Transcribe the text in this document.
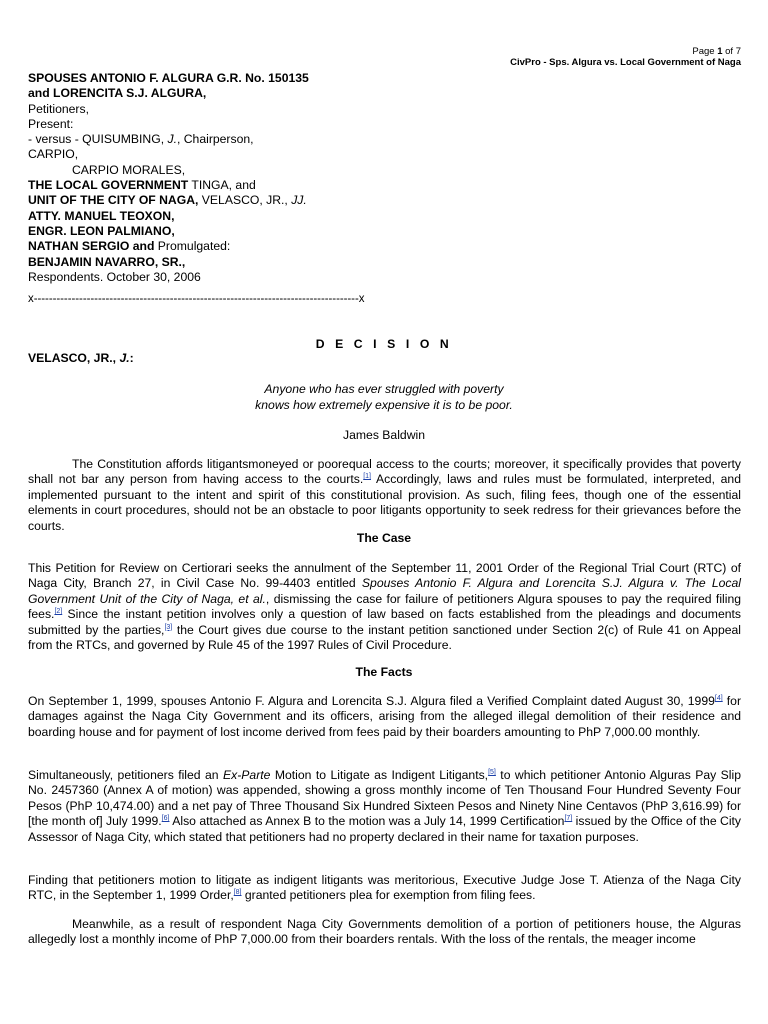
Page 1 of 7
CivPro - Sps. Algura vs. Local Government of Naga
SPOUSES ANTONIO F. ALGURA G.R. No. 150135
and LORENCITA S.J. ALGURA,
Petitioners,
Present:
- versus - QUISUMBING, J., Chairperson,
CARPIO,
CARPIO MORALES,
THE LOCAL GOVERNMENT TINGA, and
UNIT OF THE CITY OF NAGA, VELASCO, JR., JJ.
ATTY. MANUEL TEOXON,
ENGR. LEON PALMIANO,
NATHAN SERGIO and Promulgated:
BENJAMIN NAVARRO, SR.,
Respondents. October 30, 2006
x--------------------------------------------------------------------------------------x
D E C I S I O N
VELASCO, JR., J.:
Anyone who has ever struggled with poverty
knows how extremely expensive it is to be poor.
James Baldwin
The Constitution affords litigantsmoneyed or poorequal access to the courts; moreover, it specifically provides that poverty shall not bar any person from having access to the courts.[1] Accordingly, laws and rules must be formulated, interpreted, and implemented pursuant to the intent and spirit of this constitutional provision. As such, filing fees, though one of the essential elements in court procedures, should not be an obstacle to poor litigants opportunity to seek redress for their grievances before the courts.
The Case
This Petition for Review on Certiorari seeks the annulment of the September 11, 2001 Order of the Regional Trial Court (RTC) of Naga City, Branch 27, in Civil Case No. 99-4403 entitled Spouses Antonio F. Algura and Lorencita S.J. Algura v. The Local Government Unit of the City of Naga, et al., dismissing the case for failure of petitioners Algura spouses to pay the required filing fees.[2] Since the instant petition involves only a question of law based on facts established from the pleadings and documents submitted by the parties,[3] the Court gives due course to the instant petition sanctioned under Section 2(c) of Rule 41 on Appeal from the RTCs, and governed by Rule 45 of the 1997 Rules of Civil Procedure.
The Facts
On September 1, 1999, spouses Antonio F. Algura and Lorencita S.J. Algura filed a Verified Complaint dated August 30, 1999[4] for damages against the Naga City Government and its officers, arising from the alleged illegal demolition of their residence and boarding house and for payment of lost income derived from fees paid by their boarders amounting to PhP 7,000.00 monthly.
Simultaneously, petitioners filed an Ex-Parte Motion to Litigate as Indigent Litigants,[5] to which petitioner Antonio Alguras Pay Slip No. 2457360 (Annex A of motion) was appended, showing a gross monthly income of Ten Thousand Four Hundred Seventy Four Pesos (PhP 10,474.00) and a net pay of Three Thousand Six Hundred Sixteen Pesos and Ninety Nine Centavos (PhP 3,616.99) for [the month of] July 1999.[6] Also attached as Annex B to the motion was a July 14, 1999 Certification[7] issued by the Office of the City Assessor of Naga City, which stated that petitioners had no property declared in their name for taxation purposes.
Finding that petitioners motion to litigate as indigent litigants was meritorious, Executive Judge Jose T. Atienza of the Naga City RTC, in the September 1, 1999 Order,[8] granted petitioners plea for exemption from filing fees.
Meanwhile, as a result of respondent Naga City Governments demolition of a portion of petitioners house, the Alguras allegedly lost a monthly income of PhP 7,000.00 from their boarders rentals. With the loss of the rentals, the meager income
